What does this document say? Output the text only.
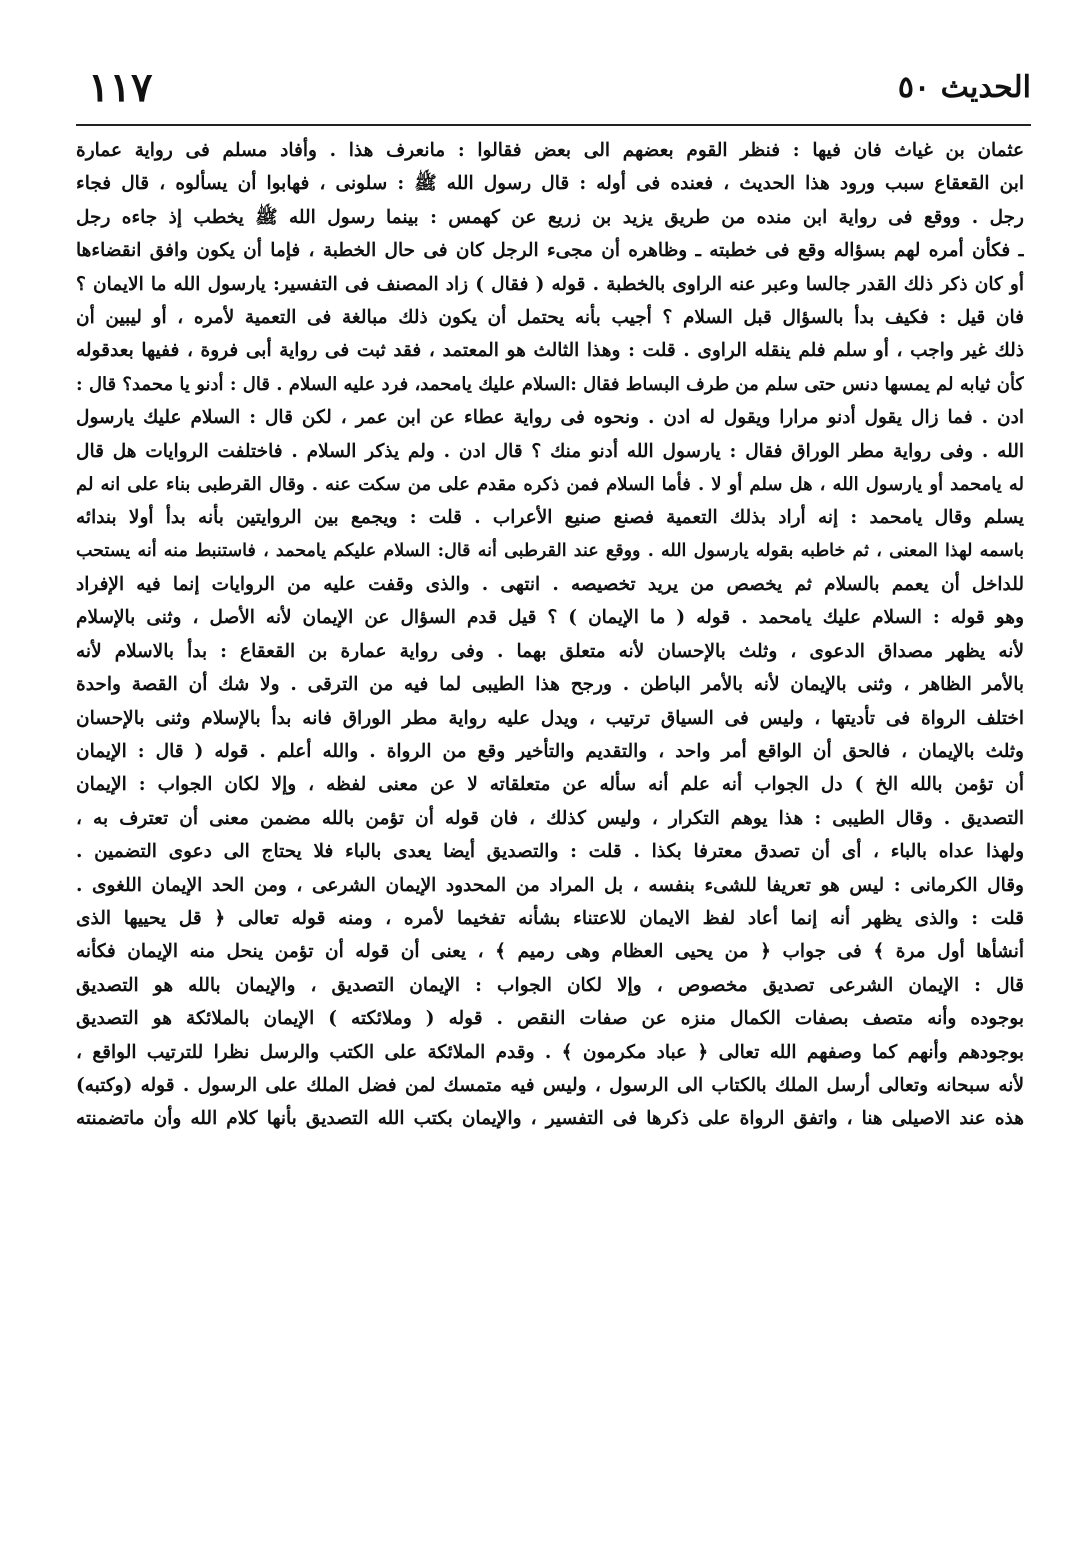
الحديث ٥٠
١١٧
عثمان بن غياث فان فيها : فنظر القوم بعضهم الى بعض فقالوا : مانعرف هذا . وأفاد مسلم فى رواية عمارة
ابن القعقاع سبب ورود هذا الحديث ، فعنده فى أوله : قال رسول الله ﷺ : سلونى ، فهابوا أن يسألوه ، قال فجاء
رجل . ووقع فى رواية ابن منده من طريق يزيد بن زريع عن كهمس : بينما رسول الله ﷺ يخطب إذ جاءه رجل
ـ فكأن أمره لهم بسؤاله وقع فى خطبته ـ وظاهره أن مجىء الرجل كان فى حال الخطبة ، فإما أن يكون وافق انقضاءها
أو كان ذكر ذلك القدر جالسا وعبر عنه الراوى بالخطبة . قوله ( فقال ) زاد المصنف فى التفسير: يارسول الله ما الايمان ؟
فان قيل : فكيف بدأ بالسؤال قبل السلام ؟ أجيب بأنه يحتمل أن يكون ذلك مبالغة فى التعمية لأمره ، أو ليبين أن
ذلك غير واجب ، أو سلم فلم ينقله الراوى . قلت : وهذا الثالث هو المعتمد ، فقد ثبت فى رواية أبى فروة ، ففيها بعدقوله
كأن ثيابه لم يمسها دنس حتى سلم من طرف البساط فقال :السلام عليك يامحمد، فرد عليه السلام . قال : أدنو يا محمد؟ قال :
ادن . فما زال يقول أدنو مرارا ويقول له ادن . ونحوه فى رواية عطاء عن ابن عمر ، لكن قال : السلام عليك يارسول
الله . وفى رواية مطر الوراق فقال : يارسول الله أدنو منك ؟ قال ادن . ولم يذكر السلام . فاختلفت الروايات هل قال
له يامحمد أو يارسول الله ، هل سلم أو لا . فأما السلام فمن ذكره مقدم على من سكت عنه . وقال القرطبى بناء على انه لم
يسلم وقال يامحمد : إنه أراد بذلك التعمية فصنع صنيع الأعراب . قلت : ويجمع بين الروايتين بأنه بدأ أولا بندائه
باسمه لهذا المعنى ، ثم خاطبه بقوله يارسول الله . ووقع عند القرطبى أنه قال: السلام عليكم يامحمد ، فاستنبط منه أنه يستحب
للداخل أن يعمم بالسلام ثم يخصص من يريد تخصيصه . انتهى . والذى وقفت عليه من الروايات إنما فيه الإفراد
وهو قوله : السلام عليك يامحمد . قوله ( ما الإيمان ) ؟ قيل قدم السؤال عن الإيمان لأنه الأصل ، وثنى بالإسلام
لأنه يظهر مصداق الدعوى ، وثلث بالإحسان لأنه متعلق بهما . وفى رواية عمارة بن القعقاع : بدأ بالاسلام لأنه
بالأمر الظاهر ، وثنى بالإيمان لأنه بالأمر الباطن . ورجح هذا الطيبى لما فيه من الترقى . ولا شك أن القصة واحدة
اختلف الرواة فى تأديتها ، وليس فى السياق ترتيب ، ويدل عليه رواية مطر الوراق فانه بدأ بالإسلام وثنى بالإحسان
وثلث بالإيمان ، فالحق أن الواقع أمر واحد ، والتقديم والتأخير وقع من الرواة . والله أعلم . قوله ( قال : الإيمان
أن تؤمن بالله الخ ) دل الجواب أنه علم أنه سأله عن متعلقاته لا عن معنى لفظه ، وإلا لكان الجواب : الإيمان
التصديق . وقال الطيبى : هذا يوهم التكرار ، وليس كذلك ، فان قوله أن تؤمن بالله مضمن معنى أن تعترف به ،
ولهذا عداه بالباء ، أى أن تصدق معترفا بكذا . قلت : والتصديق أيضا يعدى بالباء فلا يحتاج الى دعوى التضمين .
وقال الكرمانى : ليس هو تعريفا للشىء بنفسه ، بل المراد من المحدود الإيمان الشرعى ، ومن الحد الإيمان اللغوى .
قلت : والذى يظهر أنه إنما أعاد لفظ الايمان للاعتناء بشأنه تفخيما لأمره ، ومنه قوله تعالى ﴿ قل يحييها الذى
أنشأها أول مرة ﴾ فى جواب ﴿ من يحيى العظام وهى رميم ﴾ ، يعنى أن قوله أن تؤمن ينحل منه الإيمان فكأنه
قال : الإيمان الشرعى تصديق مخصوص ، وإلا لكان الجواب : الإيمان التصديق ، والإيمان بالله هو التصديق
بوجوده وأنه متصف بصفات الكمال منزه عن صفات النقص . قوله ( وملائكته ) الإيمان بالملائكة هو التصديق
بوجودهم وأنهم كما وصفهم الله تعالى ﴿ عباد مكرمون ﴾ . وقدم الملائكة على الكتب والرسل نظرا للترتيب الواقع ،
لأنه سبحانه وتعالى أرسل الملك بالكتاب الى الرسول ، وليس فيه متمسك لمن فضل الملك على الرسول . قوله (وكتبه)
هذه عند الاصيلى هنا ، واتفق الرواة على ذكرها فى التفسير ، والإيمان بكتب الله التصديق بأنها كلام الله وأن ماتضمنته
